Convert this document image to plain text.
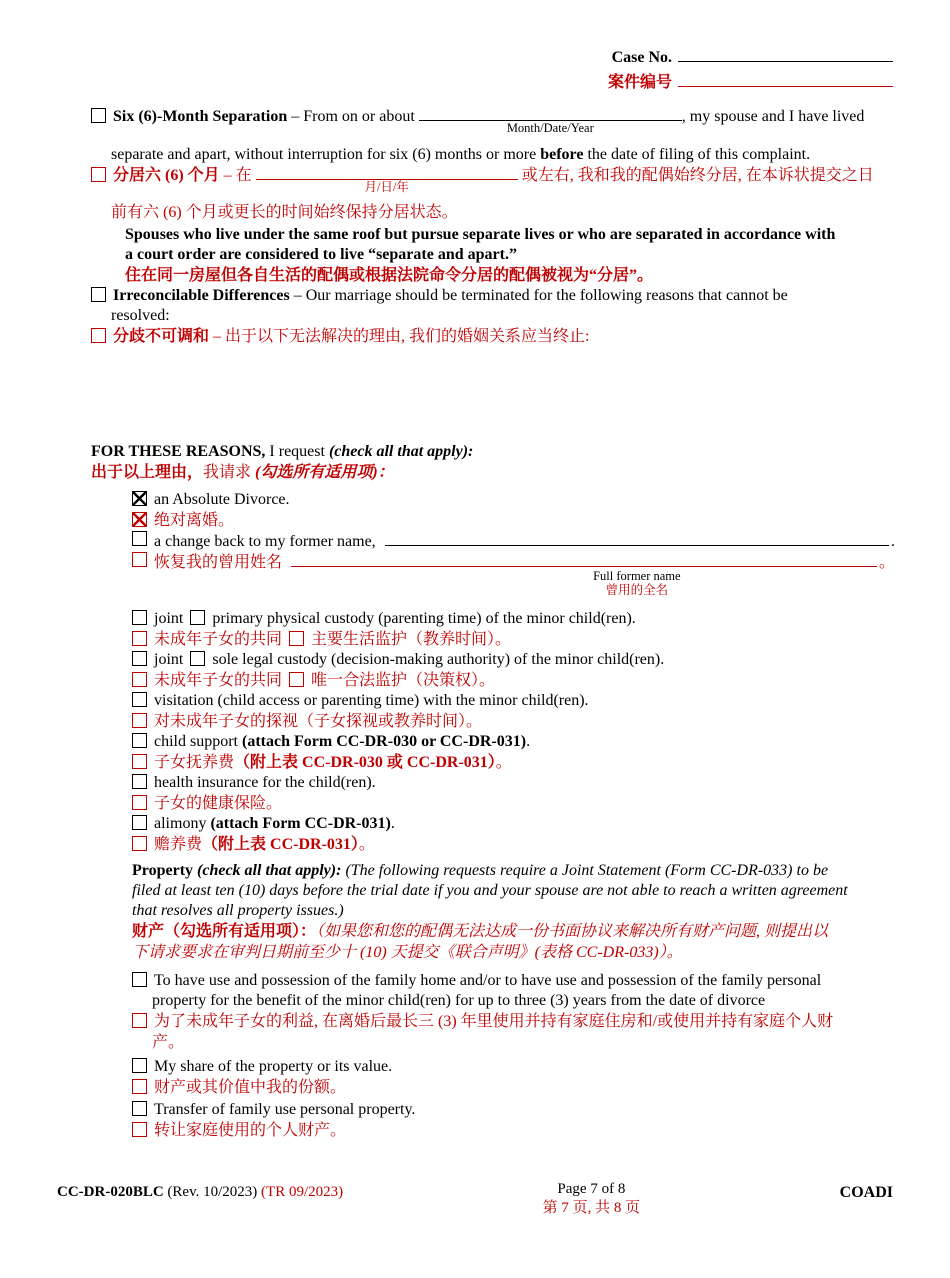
Case No.
案件编号
Six (6)-Month Separation – From on or about
Month/Date/Year
, my spouse and I have lived
separate and apart, without interruption for six (6) months or more before the date of filing of this complaint.
分居六 (6) 个月 – 在
月/日/年
或左右, 我和我的配偶始终分居, 在本诉状提交之日
前有六 (6) 个月或更长的时间始终保持分居状态。
Spouses who live under the same roof but pursue separate lives or who are separated in accordance with
a court order are considered to live “separate and apart.”
住在同一房屋但各自生活的配偶或根据法院命令分居的配偶被视为“分居”。
Irreconcilable Differences – Our marriage should be terminated for the following reasons that cannot be
resolved:
分歧不可调和 – 出于以下无法解决的理由, 我们的婚姻关系应当终止:
FOR THESE REASONS, I request (check all that apply):
出于以上理由，我请求 (勾选所有适用项)：
an Absolute Divorce.
绝对离婚。
a change back to my former name,
Full former name
曾用的全名
.
恢复我的曾用姓名	。
joint primary physical custody (parenting time) of the minor child(ren).
未成年子女的共同 主要生活监护（教养时间）。
joint sole legal custody (decision-making authority) of the minor child(ren).
未成年子女的共同 唯一合法监护（决策权）。
visitation (child access or parenting time) with the minor child(ren).
对未成年子女的探视（子女探视或教养时间）。
child support (attach Form CC-DR-030 or CC-DR-031).
子女抚养费（附上表 CC-DR-030 或 CC-DR-031）。
health insurance for the child(ren).
子女的健康保险。
alimony (attach Form CC-DR-031).
赡养费（附上表 CC-DR-031）。
Property (check all that apply): (The following requests require a Joint Statement (Form CC-DR-033) to be
filed at least ten (10) days before the trial date if you and your spouse are not able to reach a written agreement
that resolves all property issues.)
财产（勾选所有适用项）：（如果您和您的配偶无法达成一份书面协议来解决所有财产问题, 则提出以
下请求要求在审判日期前至少十 (10) 天提交《联合声明》(表格 CC-DR-033)）。
To have use and possession of the family home and/or to have use and possession of the family personal
property for the benefit of the minor child(ren) for up to three (3) years from the date of divorce
为了未成年子女的利益, 在离婚后最长三 (3) 年里使用并持有家庭住房和/或使用并持有家庭个人财
产。
My share of the property or its value.
财产或其价值中我的份额。
Transfer of family use personal property.
转让家庭使用的个人财产。
CC-DR-020BLC (Rev. 10/2023) (TR 09/2023)	Page 7 of 8
第 7 页, 共 8 页
COADI
